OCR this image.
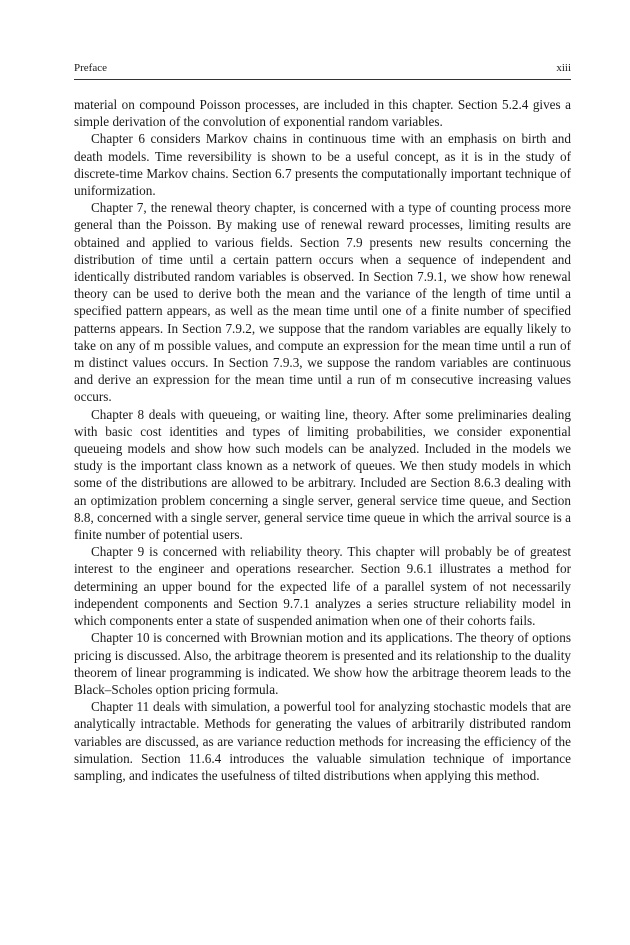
Preface	xiii

material on compound Poisson processes, are included in this chapter. Section 5.2.4 gives a simple derivation of the convolution of exponential random variables.

Chapter 6 considers Markov chains in continuous time with an emphasis on birth and death models. Time reversibility is shown to be a useful concept, as it is in the study of discrete-time Markov chains. Section 6.7 presents the computationally important technique of uniformization.

Chapter 7, the renewal theory chapter, is concerned with a type of counting process more general than the Poisson. By making use of renewal reward processes, limiting results are obtained and applied to various fields. Section 7.9 presents new results concerning the distribution of time until a certain pattern occurs when a sequence of independent and identically distributed random variables is observed. In Section 7.9.1, we show how renewal theory can be used to derive both the mean and the variance of the length of time until a specified pattern appears, as well as the mean time until one of a finite number of specified patterns appears. In Section 7.9.2, we suppose that the random variables are equally likely to take on any of m possible values, and compute an expression for the mean time until a run of m distinct values occurs. In Section 7.9.3, we suppose the random variables are continuous and derive an expression for the mean time until a run of m consecutive increasing values occurs.

Chapter 8 deals with queueing, or waiting line, theory. After some preliminaries dealing with basic cost identities and types of limiting probabilities, we consider exponential queueing models and show how such models can be analyzed. Included in the models we study is the important class known as a network of queues. We then study models in which some of the distributions are allowed to be arbitrary. Included are Section 8.6.3 dealing with an optimization problem concerning a single server, general service time queue, and Section 8.8, concerned with a single server, general service time queue in which the arrival source is a finite number of potential users.

Chapter 9 is concerned with reliability theory. This chapter will probably be of greatest interest to the engineer and operations researcher. Section 9.6.1 illustrates a method for determining an upper bound for the expected life of a parallel system of not necessarily independent components and Section 9.7.1 analyzes a series structure reliability model in which components enter a state of suspended animation when one of their cohorts fails.

Chapter 10 is concerned with Brownian motion and its applications. The theory of options pricing is discussed. Also, the arbitrage theorem is presented and its relationship to the duality theorem of linear programming is indicated. We show how the arbitrage theorem leads to the Black–Scholes option pricing formula.

Chapter 11 deals with simulation, a powerful tool for analyzing stochastic models that are analytically intractable. Methods for generating the values of arbitrarily distributed random variables are discussed, as are variance reduction methods for increasing the efficiency of the simulation. Section 11.6.4 introduces the valuable simulation technique of importance sampling, and indicates the usefulness of tilted distributions when applying this method.
